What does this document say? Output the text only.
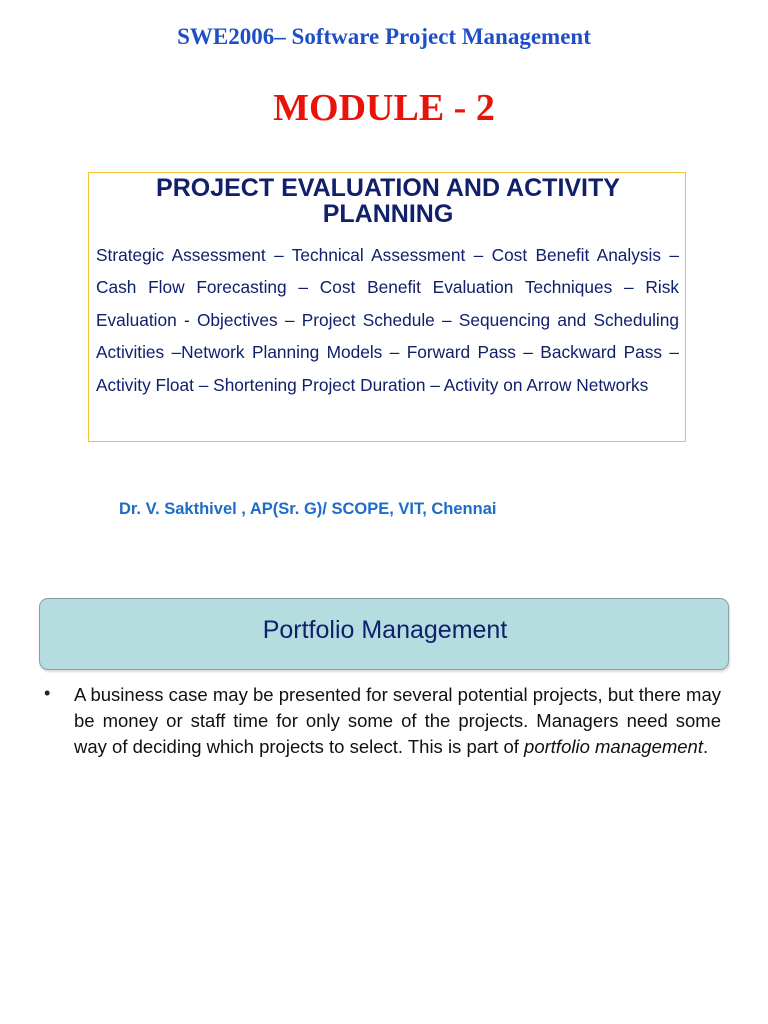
SWE2006– Software Project Management
MODULE - 2
PROJECT EVALUATION AND ACTIVITY PLANNING
Strategic Assessment – Technical Assessment – Cost Benefit Analysis –Cash Flow Forecasting – Cost Benefit Evaluation Techniques – Risk Evaluation - Objectives – Project Schedule – Sequencing and Scheduling Activities –Network Planning Models – Forward Pass – Backward Pass – Activity Float – Shortening Project Duration – Activity on Arrow Networks
Dr. V. Sakthivel , AP(Sr. G)/ SCOPE, VIT, Chennai
Portfolio Management
• A business case may be presented for several potential projects, but there may be money or staff time for only some of the projects. Managers need some way of deciding which projects to select. This is part of portfolio management.
